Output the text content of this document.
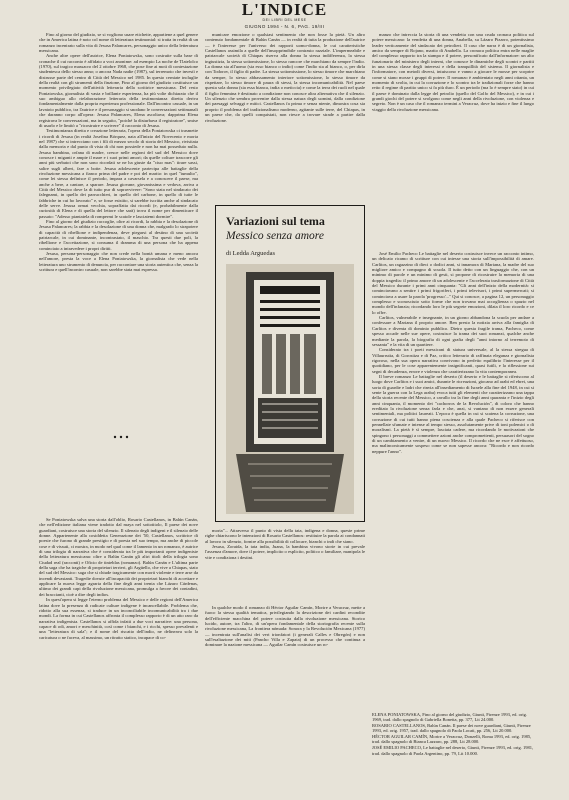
L'INDICE
DEI LIBRI DEL MESE
GIUGNO 1994 - N. 6, PAG. 19/III

Fino al giorno del giudizio, se si vogliono usare etichette, appartiene a quel genere che in America latina è noto col nome di letteratura testimonial: si tratta in realtà di un romanzo incentrato sulla vita di Jesusa Palancares, personaggio unico della letteratura messicana.

Anche altre opere dell'autrice, Elena Poniatowska, sono costruite sulla base di cronache il cui racconto è affidato a voci anonime: ad esempio La noche de Tlatelolco (1970), sul tragico massacro del 2 ottobre 1968, che pose fine ai moti di contestazione studentesca dello stesso anno; o ancora Nada nadie (1987), sul terremoto che investì e distrusse parte del centro di Città del Messico nel 1985. In questo cerniate incluglie della realtà con gli strumenti della finzione, Fino al giorno del giudizio costituisce un momento privilegiato dell'attività letteraria della scrittrice messicana. Del resto Poniatowska, giornalista di vasta e brillante esperienza, ha più volte dichiarato che il suo ambiguo allo rielaborazione letteraria della testimonianza diretta deriva fondamentalmente dalla propria esperienza professionale. Dall'incontro casuale, in un lavatoio pubblico, tra l'autrice e il personaggio si snodano le conversazioni settimanali che daranno corpo all'opera: Jesusa Palancares, Elena ascoltava; dapprima Elena registrava le conversazioni, ma in seguito, "poiché la disturbava il registratore", smise di usarlo e le limitò a "ricostruire e scrivere" il racconto di Jesusa.

Testimonianza diretta e creazione letteraria, l'opera della Poniatowska ci trasmette i ricordi di Jesusa (in realtà Josefina Bórquez, nata all'inizio del Novecento e morta nel 1987) che si intrecciano con i fili di mezzo secolo di storia del Messico, rivisitata dalla memoria e dal punto di vista di chi non possiede e non ha mai posseduto nulla. Jesusa bambina, orfana di madre, cresce nelle regioni del sud del Messico dove conosce i miganti e ampie il mare e i suoi primi amori; da quelle colture trascorre gli anni più serbatoi che non sono ricordati se ne ha giuste da "ciuo mas": tirare sassi, salire sugli alberi, fare a botte. Jesusa adolescente partecipa alle battaglie della rivoluzione messicana a fianco prima del padre e poi del marito: in quel "tumulto", come lei stessa definisce il periodo, impara a cavarsela e a conoscere il paese, ma anche a bere, a cantare, a sparare. Jesusa giovane, giovanissima e vedova, arriva a Città del Messico dove la di tutto pur di sopravvivere: "Sono stata nel sindacato dei falegnami, in quello dei parrucchieri, in quello del carbone, in quello di tutte le fabbriche in cui ho lavorato" e, se fosse esistito, si sarebbe iscritta anche al sindacato delle serve. Jesusa ormai vecchia, sopraffatta dai ricordi (e, probabilmente dalla curiosità di Elena e di quella del lettore che sarà) trova il nome per dimenticare il passato: "Adesso piantatela di rompermi le scatole e lasciatemi dormire".

Fino al giorno del giudizio raccoglie, oltre ai ricordi, la rabbia e la desolazione di Jesusa Palancares; la rabbia e la desolazione di una donna che, malgrado lo strapotere di capacità di ribellione e indipendenza, deve piegarsi al destino di una società patriarcale, in cui dominante, incontrastato, il maschio. Tra questi due poli, la ribellione e l'accettazione, si consuma il dramma di una persona che ha appena cominciato a intravedere i propri diritti.

Jesusa, persona-personaggio che non crede nella bontà umana e meno ancora nell'amore, presta la voce a Elena Poniatowska, la giornalista che vede nella letteratura uno strumento di denuncia, per raccontare una storia autentica che, senza la scrittura e quell'incontro casuale, non sarebbe stata mai espressa.

Se Poniatowska salva una storia dall'oblio, Rosario Castellanos, in Balún Canán, che nell'edizione italiana viene tradotto dal maya nel sottotitolo, Il paese dei nove guardiani, costruisce una storia del silenzio. Il silenzio degli indigeni e il silenzio delle donne. Appartenente alla cosiddetta Generazione dei '50, Castellanos, scrittrice di poesie che furono di grande prestigio e di poesia nel suo tempo, ma anche di piccole cose e di vissuti, ci mostra, in modo nel qual come il lamento in un romanzo, è autrice di una trilogia di narrativa che è considerata tra le più importanti opere indigeniste della letteratura messicana: oltre a Balún Canán gli altri titoli della trilogia sono Ciudad real (racconti) e Oficio de tinieblas (romanzo). Balún Canán e L'ultima parte della saga che ha tragiche di proprietari terrieri, gli Argüello, che vive a Chiapas, stato del sud del Messico: saga che si chiude tragicamente con morti violente e terre arse da incendi devastanti. Tragedie dovute all'incapacità dei proprietari bianchi di accettare e applicare la nuova legge agraria della fine degli anni trenta che Lázaro Cárdenas, ultimo dei grandi capi della rivoluzione messicana, promulga a favore dei contadini, dei braccianti, cioè a dire degli indios.

In quest'opera si legge l'eterno problema del Messico e delle regioni dell'America latina dove la presenza di radicate culture indigene è incancellabile. Problema che, ridotto alla sua essenza, si traduce in un inconciliabile incomunicabilità tra i due mondi. La forma in cui Castellanos affronta il complesso rapporto è di un atto raro da narrativa indigenista. Castellanos si affida infatti a due voci narrative: una persona, capace di odi, amori e meschinità, così come i bianchi, e i ricchi, spesso prevalenti e una "letteratura di sala"; e il nome del riscatto dell'indio, ne delineava solo la caricatura o ne faceva, al massimo, un ritratto statico, incapace di co-

municare emozione o qualsiasi sentimento che non fosse la pietà. Un altro contenuto fondamentale di Balún Canán — in realtà di tutta la produzione dell'autrice — è l'interesse per l'universo dei rapporti uomo-donna, le cui caratteristiche Castellanos assimila a quelle dell'insopprimibile contrasto razziale. L'impermeabile e patriarcale società di Chiapas riserva alla donna la stessa indifferenza, la stessa ingiustizia, la stessa sottomissione, lo stesso rancore che marchiano da sempre l'indio. La donna sta all'uomo (sia esso bianco o indio) come l'indio sta al bianco, o, per dirla con Todorov, il figlio di padre. La stessa sottomissione, lo stesso timore che marchiano da sempre, lo stesso abbassamento interiore sottomissione, lo stesso timore da rispettare, lo stesso timore di paura di stessi, la stessa incomunicabilità. Nel paese questa sola donna (sia essa bianca, india o meticcia) e come la terra dei ruoli nel quale il figlio femmina è destinato a condizione non conosce altra alternativa che il silenzio. Un silenzio che sembra provenire dalla stessa natura degli uomini, dalla condizione dei paesaggi selvaggi e mitici. Castellanos fa prima e senza niente, dimostra cosa sia proprio il problema del tradizionalismo moderno, agitante sulle terre, del Chiapas, in un paese che, da quelli conquistati, non riesce a trovare strade a partire dalla rivoluzione.

Variazioni sul tema
Messico senza amore
di Ledda Arguedas

moria"... Attraverso il punto di vista della tata, indigena e donna, queste prime righe chiariscono le intenzioni di Rosario Castellanos: restituire la parola ai condannati al lavoro in silenzio, fornire alla possibilità di collocare, bianchi o indi che siano.

Jesusa, Zoraida, la tata india, Juana, la bambina vivono storie in cui prevale l'assenza d'amore, dove il potere, implicito o esplicito, politico o familiare, manipola le vite e condiziona i destini.

In qualche modo il romanzo di Héctor Aguilar Camín, Morire a Veracruz, mette a fuoco la stessa qualità tematica, privilegiando la descrizione dei cardini recondite dell'efficiente macchina del potere costruita dalla rivoluzione messicana. Storico lucido, autore, tra l'altro, di un'opera fondamentale della storiografia recente sulla rivoluzione messicana, La frontiera nómada: Sonora y la Revolución Mexicana (1977) — incentrata sull'analisi dei veri trionfatori (i generali Calles e Obregón) e non sull'esaltazione dei miti (Pancho Villa e Zapata) di un processo che continua a dominare la nazione messicana — Aguilar Camín costruisce un ro-

manzo che intreccia la storia di una vendetta con una cruda cronaca politica sul potere messicano: la vendetta di una donna, Anabella, su Lázaro Pizarro, potentissimo leader verticamente del sindacato dei petrolieri. Il caso che narra è di un giornalista, amico da sempre di Rojano, marito di Anabella. La cronaca politica entra nelle maglie del complesso rapporto tra la stampa e il potere, personificato dall'informatore: un alto funzionario del ministero degli interni, che conosce le dinamiche degli scontri e partiti in una stessa classe degli interessi e della tranquillità del sistema. Il giornalista e l'informatore, con metodi diversi, intuiscono e vanno a giocare le mosse per scoprire come si siano mosse i gruppi di potere. Il romanzo è ambientato negli anni ottanta, un momento di svolta, in cui la corruzione e lo scontro tra le tradizionali forze che hanno retto il regime di partito unico si fa più duro. È un periodo (ma lo è sempre stato) in cui il paese è dominato dalla legge del petrolio (quello del Golfo del Messico), e in cui i grandi giochi del potere si svolgono come negli anni della rivoluzione, con violenza e segreto. Non è un caso che il romanzo termini a Veracruz, dove ha inizio e fine il lungo viaggio della rivoluzione messicana.

José Emilio Pacheco Le battaglie nel deserto costruisce invece un racconto intimo, un delicato ricamo di scritture con cui intesse una storia sull'impossibilità di amare. Carlitos, un ragazzino di dieci o dodici anni, si innamora di Mariana, la madre del suo migliore amico e compagno di scuola. Il tutto detto con un linguaggio che, con un minimo di parole e un minimo di gesti, si propone di ricostruire la memoria di una doppia tragedia: il primo amore di un adolescente e l'accelerata trasformazione di Città del Messico durante i primi anni cinquanta: "Gli anni dell'inizio della modernità: si cominciavano a sentire i primi frigoriferi, i primi televisori, i primi supermercati; si cominciava a usare la parola 'progresso'..." Qui si conosce, a pagina 12, un personaggio complesso e sconosciuto sotto forme che non trovano mai accoglienza o spazio nel mondo dell'infanzia; ricordando loro le più segrete emozioni, dilata il loro ricordo e ce lo offre.

Carlitos, vulnerabile e insegnante, in un giorno abbandona la scuola per andare a confessare a Mariana il proprio amore. Ben presto la notizia arriva alla famiglia di Carlitos e diventa di dominio pubblico. Dietro questa fragile trama, Pacheco, come spesso accade nelle sue opere, costruisce la trama dei suoi romanzi, qualche anche mediante la parola, la biografia di ogni grafia degli "anni intorno al terremoto di sessanta" e la vita di un quartiere.

Considerato tra i poeti messicani di statura universale, al la stessa stregua di Villaurrutia, di Gorostiza e di Paz, critico letterario di raffinata eleganza e giornalista rigoroso, nella sua opera narrativa convivono in perfetto equilibrio l'interesse per il quotidiano, per le cose apparentemente insignificanti, quasi futili, e la riflessione sui segni di decadenza, errore e violenza che caratterizzano la vita contemporanea.

Il breve romanzo Le battaglie nel deserto (il deserto e le battaglie si riferiscono al luogo dove Carlitos e i suoi amici, durante le ricreazioni, giocano ad arabi ed ebrei, una sorta di guardie e ladri che rinvia all'insediamento di Israele alla fine del 1948, in cui si sente la guerra con la Lega araba) evoca tutti gli elementi che caratterizzano una tappa della storia recente del Messico, a cavallo tra la fine degli anni quaranta e l'inizio degli anni cinquanta, il momento dei "cachorros de la Revolución", di coloro che hanno ereditato la rivoluzione senza farla e che, anzi, si vantano di non essere generali sentimentali, ma politici laureati. L'epoca è quella in cui si scatena la corruzione, una corruzione di cui tutti hanno piena coscienza e alla quale Pacheco si riferisce con pennellate sfumate e intense al tempo stesso, assolutamente prive di toni polemici o di moralismi. La pietà è sì sempre, lasciata cadere, ma ricordando le motivazioni che spingono i personaggi a commettere azioni anche compromettenti, persuasori del sogno di un cambiamento a venire, di un nuovo Messico. Il ricordo che ne esce è affettuoso, ma malinconicamente sospeso come se non sapesse ancora: "Ricordo e non ricordo neppure l'anno".

ELENA PONIATOWSKA, Fino al giorno del giudizio, Giunti, Firenze 1993, ed. orig. 1969, trad. dallo spagnolo di Gabriella Bonetta, pp. 377, Lit 24.000.

ROSARIO CASTELLANOS, Balún Canán. Il paese dei nove guardiani, Giunti, Firenze 1993, ed. orig. 1957, trad. dallo spagnolo di Paola Locati, pp. 256, Lit 20.000.

HÉCTOR AGUILAR CAMÍN, Morire a Veracruz, Donzelli, Roma 1993, ed. orig. 1985, trad. dallo spagnolo di Bianca Lazzaro, pp. 288, Lit 28.000.

JOSÉ EMILIO PACHECO, Le battaglie nel deserto, Giunti, Firenze 1993, ed. orig. 1981, trad. dallo spagnolo di Paola Argentino, pp. 79, Lit 10.000.
